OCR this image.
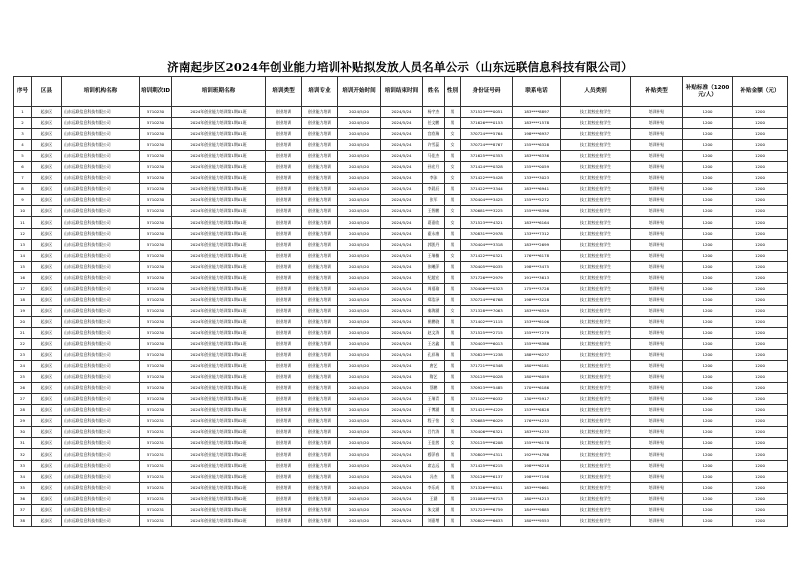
济南起步区2024年创业能力培训补贴拟发放人员名单公示（山东远联信息科技有限公司）
序号	区县	培训机构名称	培训期次ID	培训班期名称	培训类型	培训专业	培训开始时间	培训结束时间	姓名	性别	身份证号码	联系电话	人员类别	补贴类型	补贴标准（1200元/人）	补贴金额（元）
1	起步区	山东远联信息科技有限公司	5710230	2024年创业能力培训第1期01班	创业培训	创业能力培训	2024/5/20	2024/5/24	杨宇杰	男	371523****0051	183****8897	技工院校在校学生	培训补贴	1200	1200
2	起步区	山东远联信息科技有限公司	5710230	2024年创业能力培训第1期01班	创业培训	创业能力培训	2024/5/20	2024/5/24	任文鹏	男	371626****0153	183****1578	技工院校在校学生	培训补贴	1200	1200
3	起步区	山东远联信息科技有限公司	5710230	2024年创业能力培训第1期01班	创业培训	创业能力培训	2024/5/20	2024/5/24	宫欣瑞	女	370724****5764	198****6937	技工院校在校学生	培训补贴	1200	1200
4	起步区	山东远联信息科技有限公司	5710230	2024年创业能力培训第1期01班	创业培训	创业能力培训	2024/5/20	2024/5/24	许雪蕊	女	370724****8767	155****6328	技工院校在校学生	培训补贴	1200	1200
5	起步区	山东远联信息科技有限公司	5710230	2024年创业能力培训第1期01班	创业培训	创业能力培训	2024/5/20	2024/5/24	马佳杰	男	371625****0353	183****6336	技工院校在校学生	培训补贴	1200	1200
6	起步区	山东远联信息科技有限公司	5710230	2024年创业能力培训第1期01班	创业培训	创业能力培训	2024/5/20	2024/5/24	孙宏月	女	371424****0328	155****0059	技工院校在校学生	培训补贴	1200	1200
7	起步区	山东远联信息科技有限公司	5710230	2024年创业能力培训第1期01班	创业培训	创业能力培训	2024/5/20	2024/5/24	李沫	女	371422****5428	133****3023	技工院校在校学生	培训补贴	1200	1200
8	起步区	山东远联信息科技有限公司	5710230	2024年创业能力培训第1期01班	创业培训	创业能力培训	2024/5/20	2024/5/24	李晨辰	男	371422****3344	183****6941	技工院校在校学生	培训补贴	1200	1200
9	起步区	山东远联信息科技有限公司	5710230	2024年创业能力培训第1期01班	创业培训	创业能力培训	2024/5/20	2024/5/24	张军	男	370404****3425	155****5272	技工院校在校学生	培训补贴	1200	1200
10	起步区	山东远联信息科技有限公司	5710230	2024年创业能力培训第1期01班	创业培训	创业能力培训	2024/5/20	2024/5/24	王智鹏	女	370681****3225	155****8396	技工院校在校学生	培训补贴	1200	1200
11	起步区	山东远联信息科技有限公司	5710230	2024年创业能力培训第1期01班	创业培训	创业能力培训	2024/5/20	2024/5/24	葛嘉欣	女	371523****4321	183****6164	技工院校在校学生	培训补贴	1200	1200
12	起步区	山东远联信息科技有限公司	5710230	2024年创业能力培训第1期01班	创业培训	创业能力培训	2024/5/20	2024/5/24	霍永康	男	370831****2978	133****7312	技工院校在校学生	培训补贴	1200	1200
13	起步区	山东远联信息科技有限公司	5710230	2024年创业能力培训第1期01班	创业培训	创业能力培训	2024/5/20	2024/5/24	郭凯丹	男	370404****3318	183****2699	技工院校在校学生	培训补贴	1200	1200
14	起步区	山东远联信息科技有限公司	5710230	2024年创业能力培训第1期01班	创业培训	创业能力培训	2024/5/20	2024/5/24	王瑞楠	女	371422****0321	176****6178	技工院校在校学生	培训补贴	1200	1200
15	起步区	山东远联信息科技有限公司	5710230	2024年创业能力培训第1期01班	创业培训	创业能力培训	2024/5/20	2024/5/24	张曦萍	男	370405****0035	198****3475	技工院校在校学生	培训补贴	1200	1200
16	起步区	山东远联信息科技有限公司	5710230	2024年创业能力培训第1期01班	创业培训	创业能力培训	2024/5/20	2024/5/24	纪超宏	男	371726****2979	191****3613	技工院校在校学生	培训补贴	1200	1200
17	起步区	山东远联信息科技有限公司	5710230	2024年创业能力培训第1期01班	创业培训	创业能力培训	2024/5/20	2024/5/24	周禧瑜	男	370406****0323	175****3728	技工院校在校学生	培训补贴	1200	1200
18	起步区	山东远联信息科技有限公司	5710230	2024年创业能力培训第1期01班	创业培训	创业能力培训	2024/5/20	2024/5/24	郑浩泽	男	370724****6768	198****3228	技工院校在校学生	培训补贴	1200	1200
19	起步区	山东远联信息科技有限公司	5710230	2024年创业能力培训第1期01班	创业培训	创业能力培训	2024/5/20	2024/5/24	秦海涵	女	371328****7063	183****6529	技工院校在校学生	培训补贴	1200	1200
20	起步区	山东远联信息科技有限公司	5710230	2024年创业能力培训第1期01班	创业培训	创业能力培训	2024/5/20	2024/5/24	崔鹏骁	男	371402****1115	153****6106	技工院校在校学生	培训补贴	1200	1200
21	起步区	山东远联信息科技有限公司	5710230	2024年创业能力培训第1期01班	创业培训	创业能力培训	2024/5/20	2024/5/24	赵文涛	男	371525****2715	155****7279	技工院校在校学生	培训补贴	1200	1200
22	起步区	山东远联信息科技有限公司	5710230	2024年创业能力培训第1期01班	创业培训	创业能力培训	2024/5/20	2024/5/24	王名鑫	男	370403****6013	155****8386	技工院校在校学生	培训补贴	1200	1200
23	起步区	山东远联信息科技有限公司	5710230	2024年创业能力培训第1期01班	创业培训	创业能力培训	2024/5/20	2024/5/24	孔祥瑞	男	370823****1238	188****6237	技工院校在校学生	培训补贴	1200	1200
24	起步区	山东远联信息科技有限公司	5710230	2024年创业能力培训第1期01班	创业培训	创业能力培训	2024/5/20	2024/5/24	唐艺	男	371721****0348	180****6181	技工院校在校学生	培训补贴	1200	1200
25	起步区	山东远联信息科技有限公司	5710230	2024年创业能力培训第1期01班	创业培训	创业能力培训	2024/5/20	2024/5/24	隋艺	男	370125****0028	180****6059	技工院校在校学生	培训补贴	1200	1200
26	起步区	山东远联信息科技有限公司	5710230	2024年创业能力培训第1期01班	创业培训	创业能力培训	2024/5/20	2024/5/24	蔡鹏	男	370923****5485	170****6186	技工院校在校学生	培训补贴	1200	1200
27	起步区	山东远联信息科技有限公司	5710230	2024年创业能力培训第1期01班	创业培训	创业能力培训	2024/5/20	2024/5/24	王瑞青	男	371102****6032	130****5917	技工院校在校学生	培训补贴	1200	1200
28	起步区	山东远联信息科技有限公司	5710230	2024年创业能力培训第1期01班	创业培训	创业能力培训	2024/5/20	2024/5/24	于博涵	男	371421****4229	153****6828	技工院校在校学生	培训补贴	1200	1200
29	起步区	山东远联信息科技有限公司	5710231	2024年创业能力培训第1期02班	创业培训	创业能力培训	2024/5/20	2024/5/24	程子怡	女	370685****6029	176****4233	技工院校在校学生	培训补贴	1200	1200
30	起步区	山东远联信息科技有限公司	5710231	2024年创业能力培训第1期02班	创业培训	创业能力培训	2024/5/20	2024/5/24	吕竹涛	男	370406****6321	183****4233	技工院校在校学生	培训补贴	1200	1200
31	起步区	山东远联信息科技有限公司	5710231	2024年创业能力培训第1期02班	创业培训	创业能力培训	2024/5/20	2024/5/24	王佳茜	女	370125****6208	155****6178	技工院校在校学生	培训补贴	1200	1200
32	起步区	山东远联信息科技有限公司	5710231	2024年创业能力培训第1期02班	创业培训	创业能力培训	2024/5/20	2024/5/24	穆萍春	男	370803****4311	192****4786	技工院校在校学生	培训补贴	1200	1200
33	起步区	山东远联信息科技有限公司	5710231	2024年创业能力培训第1期02班	创业培训	创业能力培训	2024/5/20	2024/5/24	席志远	男	371425****6215	198****6218	技工院校在校学生	培训补贴	1200	1200
34	起步区	山东远联信息科技有限公司	5710231	2024年创业能力培训第1期02班	创业培训	创业能力培训	2024/5/20	2024/5/24	冯杰	男	370126****6137	198****7198	技工院校在校学生	培训补贴	1200	1200
35	起步区	山东远联信息科技有限公司	5710231	2024年创业能力培训第1期02班	创业培训	创业能力培训	2024/5/20	2024/5/24	李乐成	男	371326****6511	183****9661	技工院校在校学生	培训补贴	1200	1200
36	起步区	山东远联信息科技有限公司	5710231	2024年创业能力培训第1期02班	创业培训	创业能力培训	2024/5/20	2024/5/24	王涵	男	231084****6713	180****4213	技工院校在校学生	培训补贴	1200	1200
37	起步区	山东远联信息科技有限公司	5710231	2024年创业能力培训第1期02班	创业培训	创业能力培训	2024/5/20	2024/5/24	朱文涵	男	371723****6759	184****9885	技工院校在校学生	培训补贴	1200	1200
38	起步区	山东远联信息科技有限公司	5710231	2024年创业能力培训第1期02班	创业培训	创业能力培训	2024/5/20	2024/5/24	刘嘉增	男	370802****6633	180****9553	技工院校在校学生	培训补贴	1200	1200
